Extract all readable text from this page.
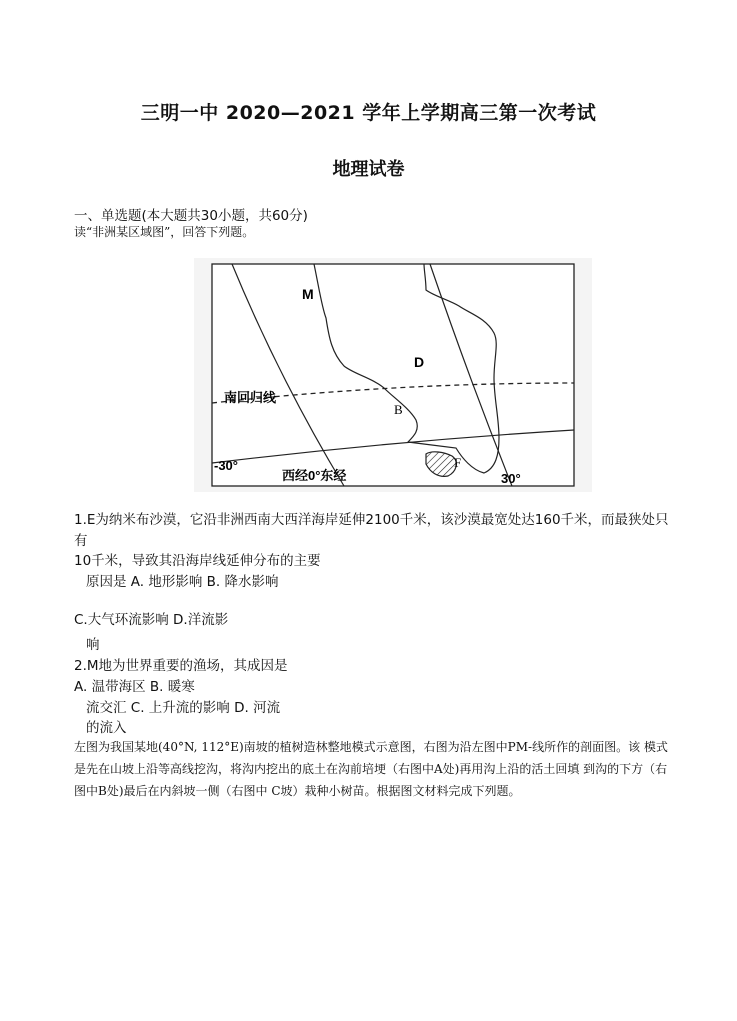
三明一中 2020—2021 学年上学期高三第一次考试
地理试卷
一、单选题(本大题共30小题，共60分)
读“非洲某区域图”，回答下列题。
M
D
B
F
南回归线
-30°
30°
西经0°东经
1.E为纳米布沙漠，它沿非洲西南大西洋海岸延伸2100千米，该沙漠最宽处达160千米，而最狭处只
有
10千米，导致其沿海岸线延伸分布的主要
原因是 A. 地形影响 B. 降水影响
C.大气环流影响 D.洋流影
响
2.M地为世界重要的渔场，其成因是
A. 温带海区 B. 暖寒
流交汇 C. 上升流的影响 D. 河流
的流入
左图为我国某地(40°N, 112°E)南坡的植树造林整地模式示意图，右图为沿左图中PM-线所作的剖面图。该 模式是先在山坡上沿等高线挖沟，将沟内挖出的底土在沟前培埂（右图中A处)再用沟上沿的活土回填 到沟的下方（右图中B处)最后在内斜坡一侧（右图中 C坡）栽种小树苗。根据图文材料完成下列题。
